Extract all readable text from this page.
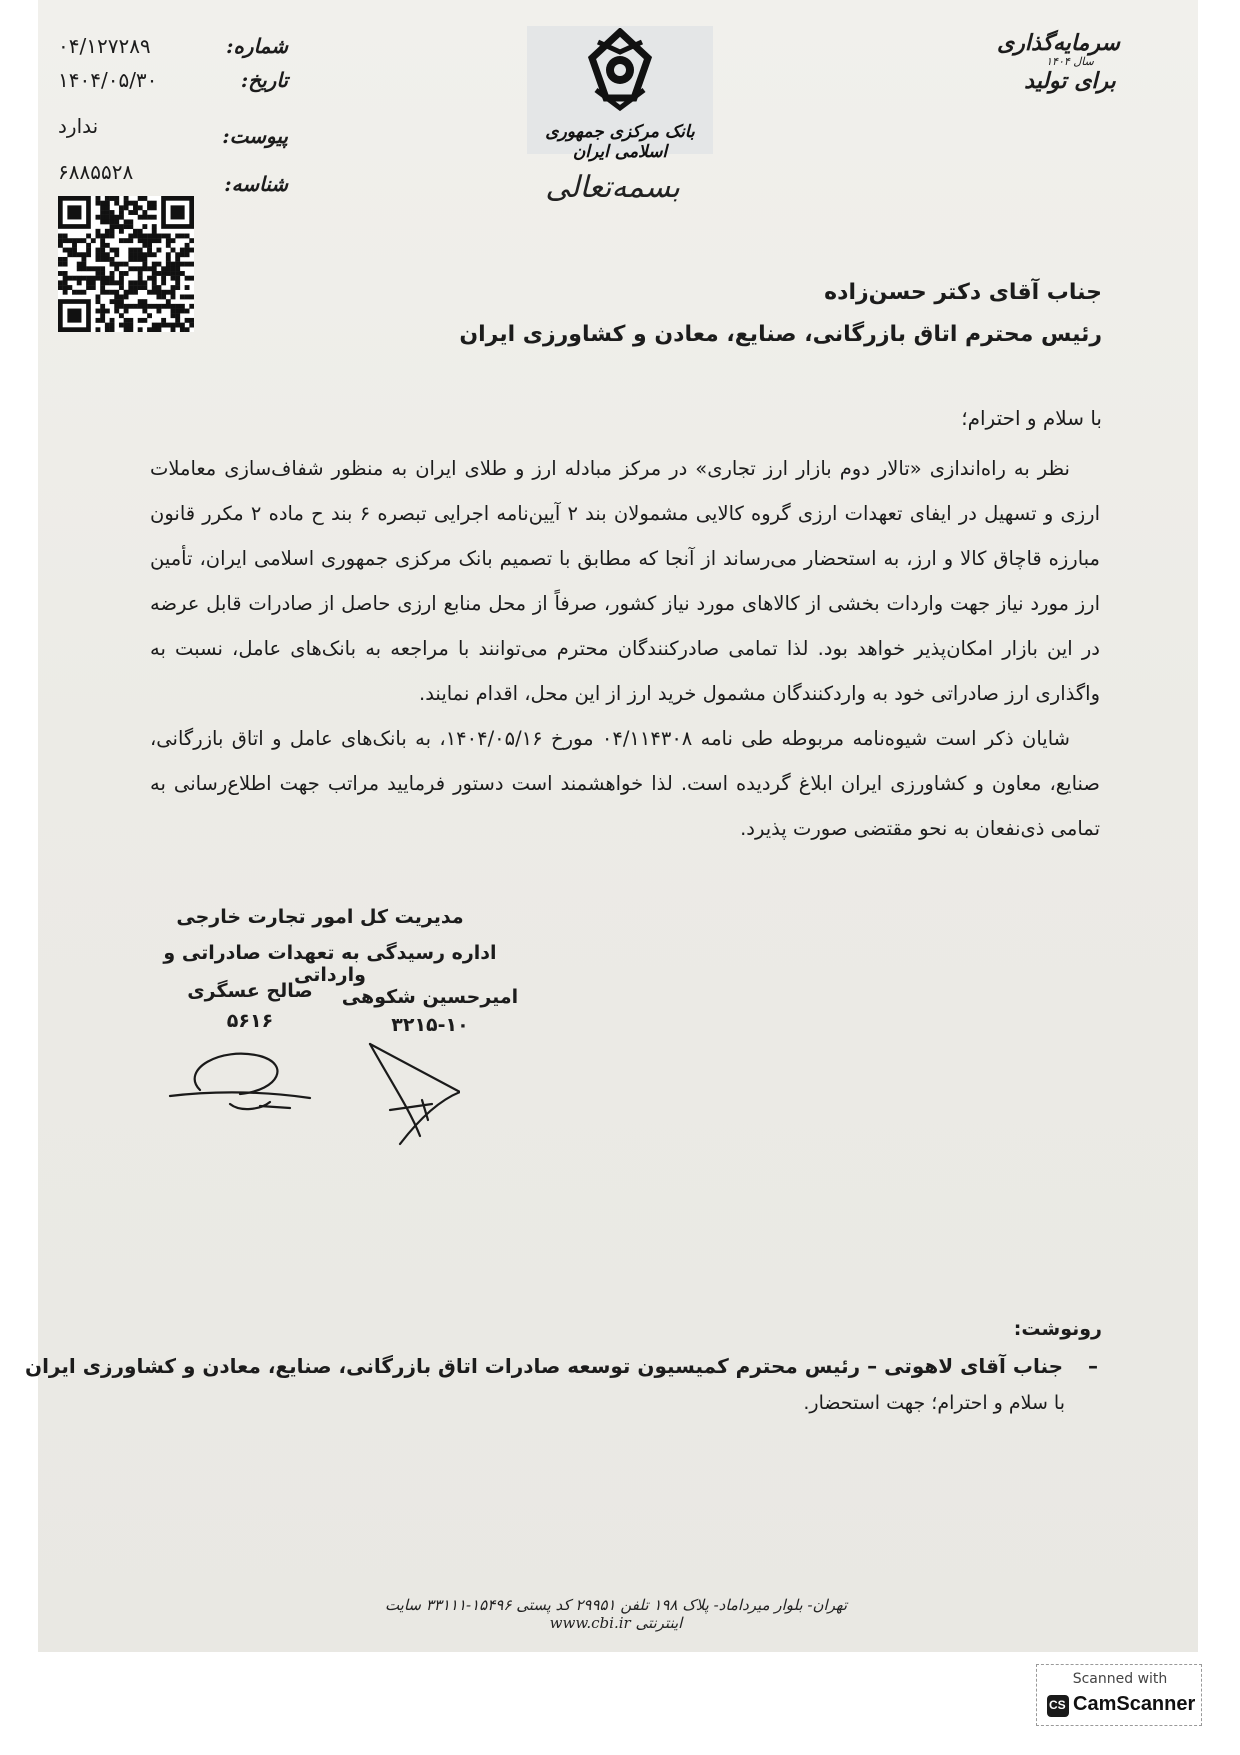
شماره:
۰۴/۱۲۷۲۸۹
تاریخ:
۱۴۰۴/۰۵/۳۰
پیوست:
ندارد
شناسه:
۶۸۸۵۵۲۸
بانک مرکزی جمهوری اسلامی ایران
بسمه‌تعالی
سرمایه‌گذاری
سال ۱۴۰۴
برای تولید
جناب آقای دکتر حسن‌زاده
رئیس محترم اتاق بازرگانی، صنایع، معادن و کشاورزی ایران
با سلام و احترام؛

نظر به راه‌اندازی «تالار دوم بازار ارز تجاری» در مرکز مبادله ارز و طلای ایران به منظور شفاف‌سازی معاملات ارزی و تسهیل در ایفای تعهدات ارزی گروه کالایی مشمولان بند ۲ آیین‌نامه اجرایی تبصره ۶ بند ح ماده ۲ مکرر قانون مبارزه قاچاق کالا و ارز، به استحضار می‌رساند از آنجا که مطابق با تصمیم بانک مرکزی جمهوری اسلامی ایران، تأمین ارز مورد نیاز جهت واردات بخشی از کالاهای مورد نیاز کشور، صرفاً از محل منابع ارزی حاصل از صادرات قابل عرضه در این بازار امکان‌پذیر خواهد بود. لذا تمامی صادرکنندگان محترم می‌توانند با مراجعه به بانک‌های عامل، نسبت به واگذاری ارز صادراتی خود به واردکنندگان مشمول خرید ارز از این محل، اقدام نمایند.

شایان ذکر است شیوه‌نامه مربوطه طی نامه ۰۴/۱۱۴۳۰۸ مورخ ۱۴۰۴/۰۵/۱۶، به بانک‌های عامل و اتاق بازرگانی، صنایع، معاون و کشاورزی ایران ابلاغ گردیده است. لذا خواهشمند است دستور فرمایید مراتب جهت اطلاع‌رسانی به تمامی ذی‌نفعان به نحو مقتضی صورت پذیرد.

مدیریت کل امور تجارت خارجی
اداره رسیدگی به تعهدات صادراتی و وارداتی
امیرحسین شکوهی
۳۲۱۵-۱۰
صالح عسگری
۵۶۱۶
رونوشت:
– جناب آقای لاهوتی – رئیس محترم کمیسیون توسعه صادرات اتاق بازرگانی، صنایع، معادن و کشاورزی ایران
با سلام و احترام؛ جهت استحضار.
تهران- بلوار میرداماد- پلاک ۱۹۸ تلفن ۲۹۹۵۱ کد پستی ۱۵۴۹۶-۳۳۱۱۱ سایت اینترنتی www.cbi.ir
Scanned with
CS CamScanner
